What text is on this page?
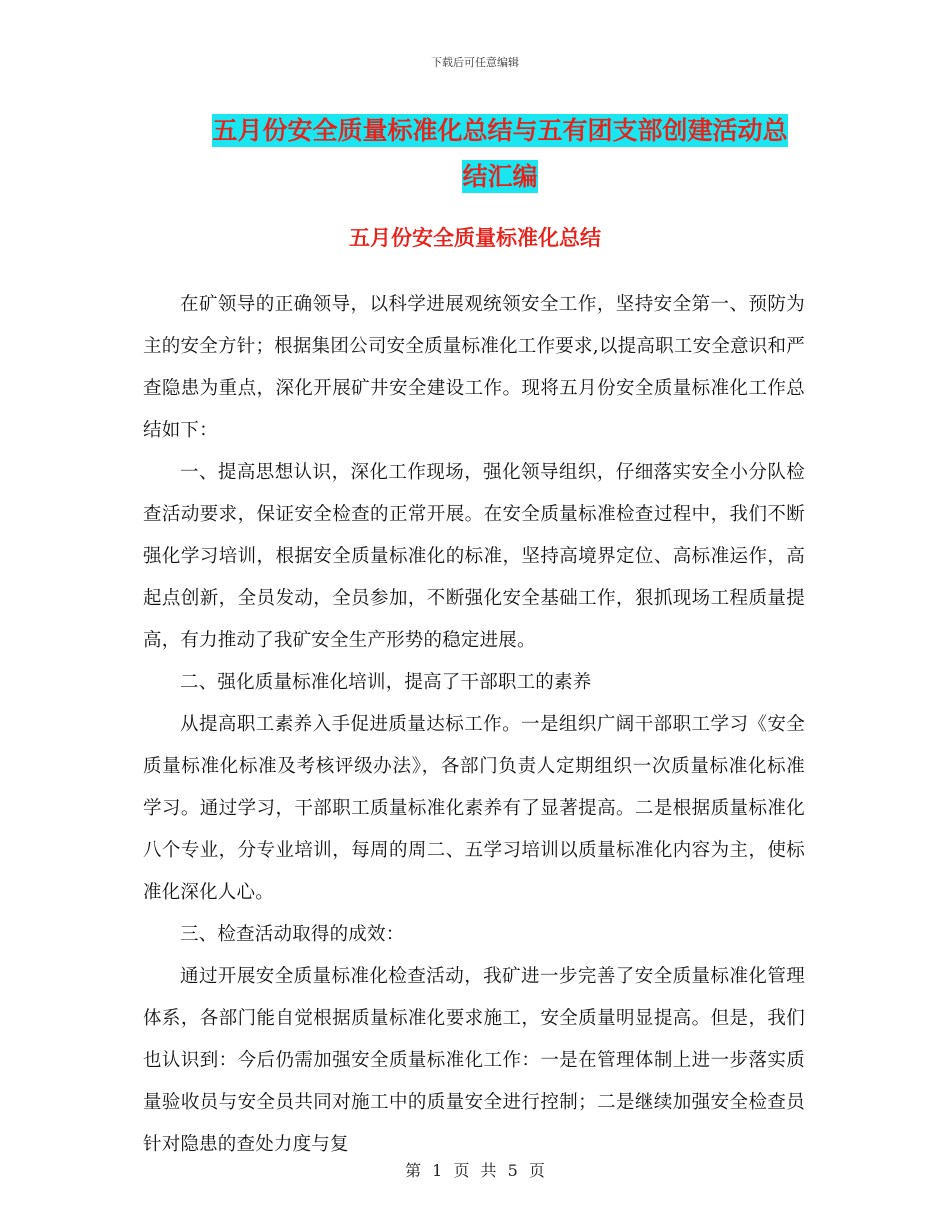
下载后可任意编辑
五月份安全质量标准化总结与五有团支部创建活动总
结汇编
五月份安全质量标准化总结

在矿领导的正确领导，以科学进展观统领安全工作，坚持安全第一、预防为主的安全方针；根据集团公司安全质量标准化工作要求,以提高职工安全意识和严查隐患为重点，深化开展矿井安全建设工作。现将五月份安全质量标准化工作总结如下：

一、提高思想认识，深化工作现场，强化领导组织，仔细落实安全小分队检查活动要求，保证安全检查的正常开展。在安全质量标准检查过程中，我们不断强化学习培训，根据安全质量标准化的标准，坚持高境界定位、高标准运作，高起点创新，全员发动，全员参加，不断强化安全基础工作，狠抓现场工程质量提高，有力推动了我矿安全生产形势的稳定进展。

二、强化质量标准化培训，提高了干部职工的素养

从提高职工素养入手促进质量达标工作。一是组织广阔干部职工学习《安全质量标准化标准及考核评级办法》，各部门负责人定期组织一次质量标准化标准学习。通过学习，干部职工质量标准化素养有了显著提高。二是根据质量标准化八个专业，分专业培训，每周的周二、五学习培训以质量标准化内容为主，使标准化深化人心。

三、检查活动取得的成效：

通过开展安全质量标准化检查活动，我矿进一步完善了安全质量标准化管理体系，各部门能自觉根据质量标准化要求施工，安全质量明显提高。但是，我们也认识到：今后仍需加强安全质量标准化工作：一是在管理体制上进一步落实质量验收员与安全员共同对施工中的质量安全进行控制；二是继续加强安全检查员针对隐患的查处力度与复

第 1 页 共 5 页
